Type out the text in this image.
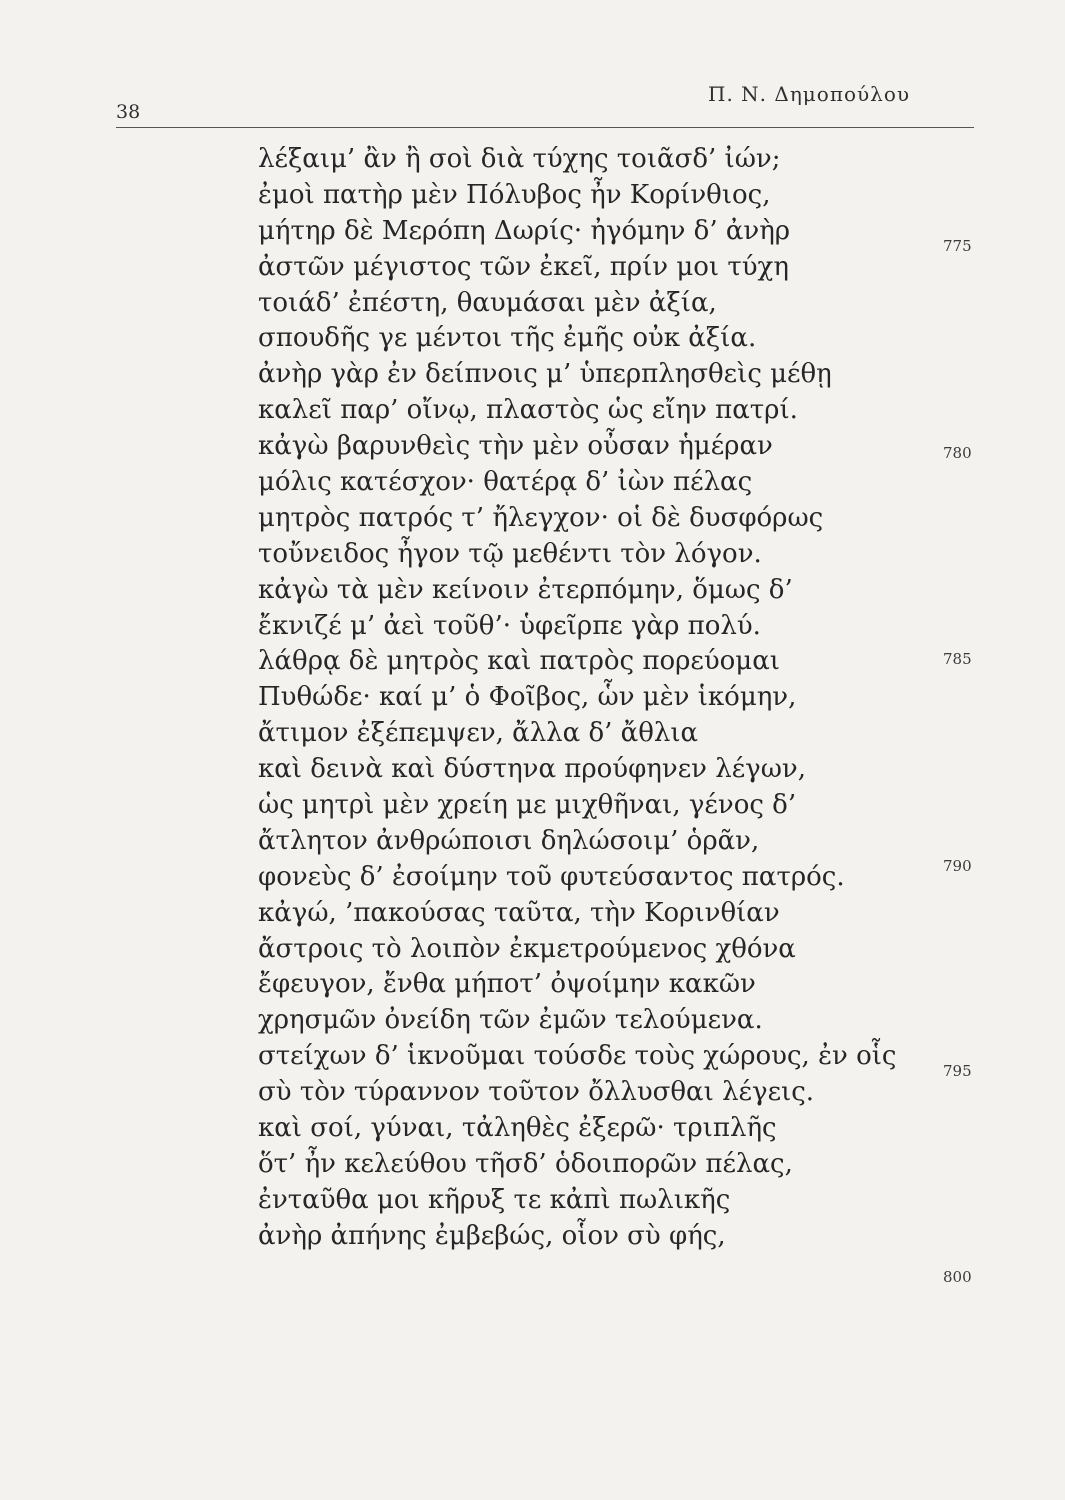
38
Π. Ν. Δημοπούλου
λέξαιμ’ ἂν ἢ σοὶ διὰ τύχης τοιᾶσδ’ ἰών;
ἐμοὶ πατὴρ μὲν Πόλυβος ἦν Κορίνθιος,
μήτηρ δὲ Μερόπη Δωρίς· ἠγόμην δ’ ἀνὴρ
ἀστῶν μέγιστος τῶν ἐκεῖ, πρίν μοι τύχη
τοιάδ’ ἐπέστη, θαυμάσαι μὲν ἀξία,
σπουδῆς γε μέντοι τῆς ἐμῆς οὐκ ἀξία.
ἀνὴρ γὰρ ἐν δείπνοις μ’ ὑπερπλησθεὶς μέθῃ
καλεῖ παρ’ οἴνῳ, πλαστὸς ὡς εἴην πατρί.
κἀγὼ βαρυνθεὶς τὴν μὲν οὖσαν ἡμέραν
μόλις κατέσχον· θατέρᾳ δ’ ἰὼν πέλας
μητρὸς πατρός τ’ ἤλεγχον· οἱ δὲ δυσφόρως
τοὔνειδος ἦγον τῷ μεθέντι τὸν λόγον.
κἀγὼ τὰ μὲν κείνοιν ἐτερπόμην, ὅμως δ’
ἔκνιζέ μ’ ἀεὶ τοῦθ’· ὑφεῖρπε γὰρ πολύ.
λάθρᾳ δὲ μητρὸς καὶ πατρὸς πορεύομαι
Πυθώδε· καί μ’ ὁ Φοῖβος, ὧν μὲν ἱκόμην,
ἄτιμον ἐξέπεμψεν, ἄλλα δ’ ἄθλια
καὶ δεινὰ καὶ δύστηνα προύφηνεν λέγων,
ὡς μητρὶ μὲν χρείη με μιχθῆναι, γένος δ’
ἄτλητον ἀνθρώποισι δηλώσοιμ’ ὁρᾶν,
φονεὺς δ’ ἐσοίμην τοῦ φυτεύσαντος πατρός.
κἀγώ, ’πακούσας ταῦτα, τὴν Κορινθίαν
ἄστροις τὸ λοιπὸν ἐκμετρούμενος χθόνα
ἔφευγον, ἔνθα μήποτ’ ὀψοίμην κακῶν
χρησμῶν ὀνείδη τῶν ἐμῶν τελούμενα.
στείχων δ’ ἱκνοῦμαι τούσδε τοὺς χώρους, ἐν οἷς
σὺ τὸν τύραννον τοῦτον ὄλλυσθαι λέγεις.
καὶ σοί, γύναι, τἀληθὲς ἐξερῶ· τριπλῆς
ὅτ’ ἦν κελεύθου τῆσδ’ ὁδοιπορῶν πέλας,
ἐνταῦθα μοι κῆρυξ τε κἀπὶ πωλικῆς
ἀνὴρ ἀπήνης ἐμβεβώς, οἷον σὺ φής,
775
780
785
790
795
800
